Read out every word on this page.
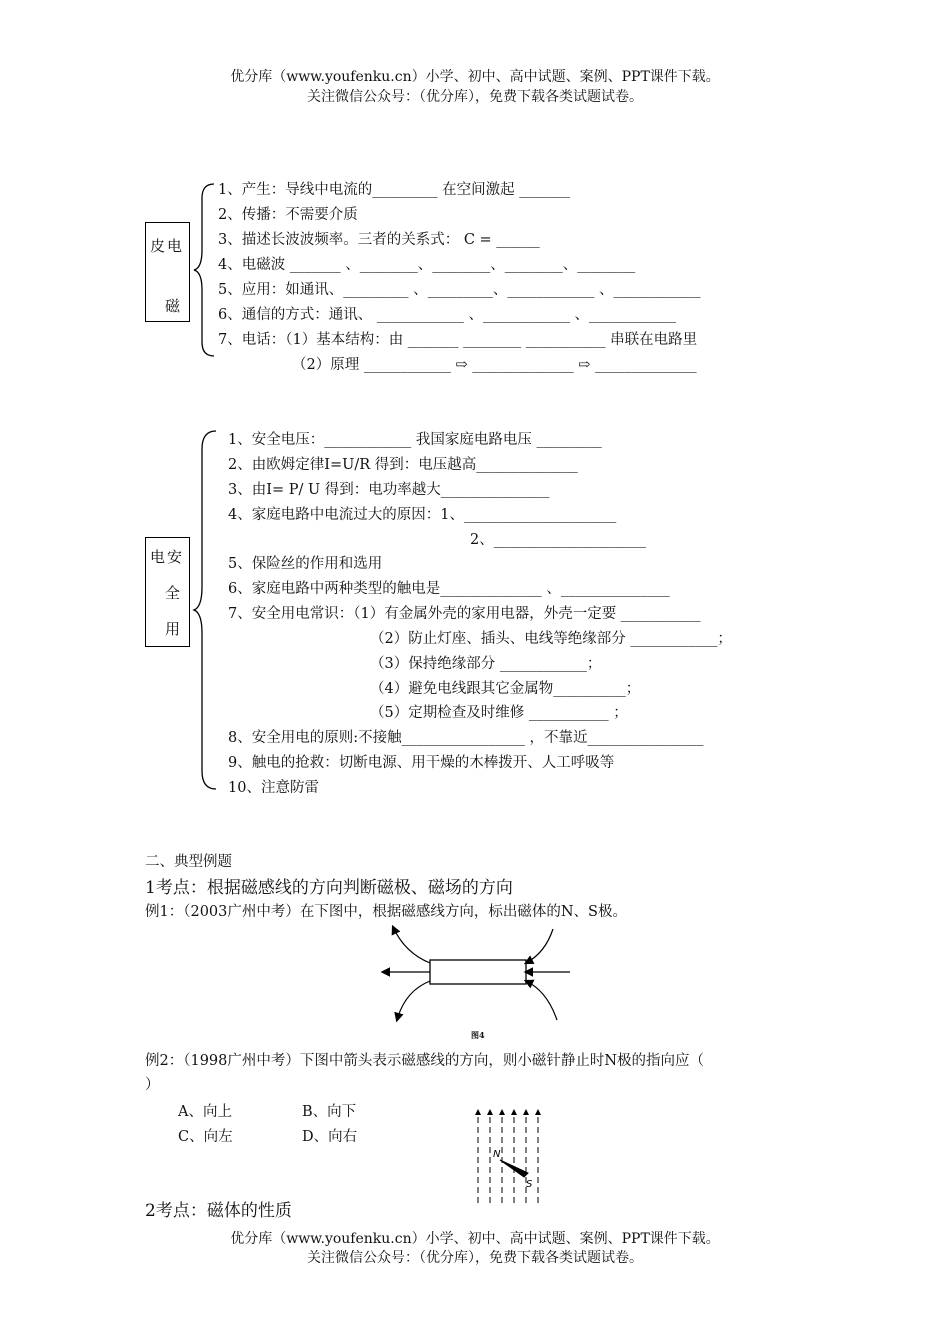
优分库（www.youfenku.cn）小学、初中、高中试题、案例、PPT课件下载。
关注微信公众号：（优分库），免费下载各类试题试卷。
皮 电
磁
1、产生：导线中电流的_________ 在空间激起 _______
2、传播：不需要介质
3、描述长波波频率。三者的关系式： C = ______
4、电磁波 _______ 、________、________、________、________
5、应用：如通讯、_________ 、_________、____________ 、____________
6、通信的方式：通讯、 ____________ 、____________ 、____________
7、电话：（1）基本结构：由 _______ ________ ___________ 串联在电路里
（2）原理 ____________ ⇨ ______________ ⇨ ______________
电 安
全
用
1、安全电压：____________ 我国家庭电路电压 _________
2、由欧姆定律I=U/R 得到：电压越高______________
3、由I= P/ U 得到：电功率越大_______________
4、家庭电路中电流过大的原因：1、_____________________
2、_____________________
5、保险丝的作用和选用
6、家庭电路中两种类型的触电是______________ 、_______________
7、安全用电常识：（1）有金属外壳的家用电器，外壳一定要 ___________
（2）防止灯座、插头、电线等绝缘部分 ____________；
（3）保持绝缘部分 ____________；
（4）避免电线跟其它金属物__________；
（5）定期检查及时维修 ___________ ；
8、安全用电的原则:不接触_________________ ，不靠近________________
9、触电的抢救：切断电源、用干燥的木棒拨开、人工呼吸等
10、注意防雷
二、典型例题
1考点：根据磁感线的方向判断磁极、磁场的方向
例1：（2003广州中考）在下图中，根据磁感线方向，标出磁体的N、S极。
图4
例2：（1998广州中考）下图中箭头表示磁感线的方向，则小磁针静止时N极的指向应（
）
A、向上	B、向下
C、向左	D、向右
N
S
2考点：磁体的性质
优分库（www.youfenku.cn）小学、初中、高中试题、案例、PPT课件下载。
关注微信公众号：（优分库），免费下载各类试题试卷。
